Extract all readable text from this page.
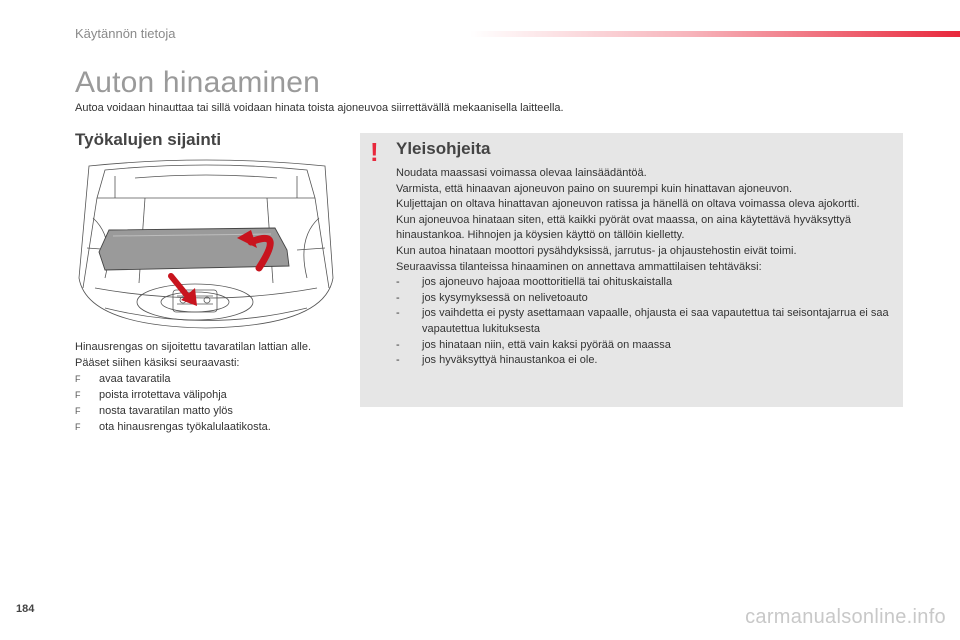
Käytännön tietoja
Auton hinaaminen

Autoa voidaan hinauttaa tai sillä voidaan hinata toista ajoneuvoa siirrettävällä mekaanisella laitteella.

Työkalujen sijainti

Hinausrengas on sijoitettu tavaratilan lattian alle.

Pääset siihen käsiksi seuraavasti:

F avaa tavaratila
F poista irrotettava välipohja
F nosta tavaratilan matto ylös
F ota hinausrengas työkalulaatikosta.
! Yleisohjeita

Noudata maassasi voimassa olevaa lainsäädäntöä.

Varmista, että hinaavan ajoneuvon paino on suurempi kuin hinattavan ajoneuvon.

Kuljettajan on oltava hinattavan ajoneuvon ratissa ja hänellä on oltava voimassa oleva ajokortti.

Kun ajoneuvoa hinataan siten, että kaikki pyörät ovat maassa, on aina käytettävä hyväksyttyä hinaustankoa. Hihnojen ja köysien käyttö on tällöin kielletty.

Kun autoa hinataan moottori pysähdyksissä, jarrutus- ja ohjaustehostin eivät toimi.

Seuraavissa tilanteissa hinaaminen on annettava ammattilaisen tehtäväksi:

- jos ajoneuvo hajoaa moottoritiellä tai ohituskaistalla
- jos kysymyksessä on nelivetoauto
- jos vaihdetta ei pysty asettamaan vapaalle, ohjausta ei saa vapautettua tai seisontajarrua ei saa vapautettua lukituksesta
- jos hinataan niin, että vain kaksi pyörää on maassa
- jos hyväksyttyä hinaustankoa ei ole.
184	carmanualsonline.info
